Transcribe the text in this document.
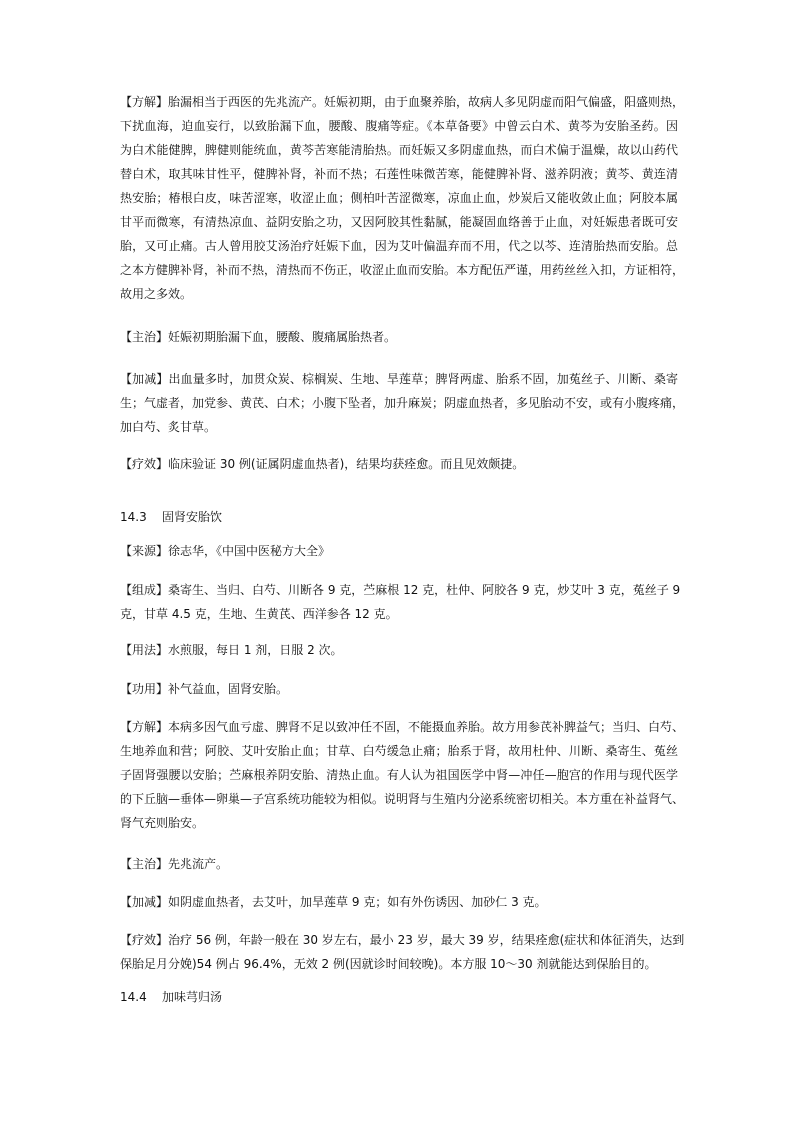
【方解】胎漏相当于西医的先兆流产。妊娠初期，由于血聚养胎，故病人多见阴虚而阳气偏盛，阳盛则热，
下扰血海，迫血妄行，以致胎漏下血，腰酸、腹痛等症。《本草备要》中曾云白术、黄芩为安胎圣药。因
为白术能健脾，脾健则能统血，黄芩苦寒能清胎热。而妊娠又多阴虚血热，而白术偏于温燥，故以山药代
替白术，取其味甘性平，健脾补肾，补而不热；石莲性味微苦寒，能健脾补肾、滋养阴液；黄芩、黄连清
热安胎；椿根白皮，味苦涩寒，收涩止血；侧柏叶苦涩微寒，凉血止血，炒炭后又能收敛止血；阿胶本属
甘平而微寒，有清热凉血、益阴安胎之功，又因阿胶其性黏腻，能凝固血络善于止血，对妊娠患者既可安
胎，又可止痛。古人曾用胶艾汤治疗妊娠下血，因为艾叶偏温弃而不用，代之以芩、连清胎热而安胎。总
之本方健脾补肾，补而不热，清热而不伤正，收涩止血而安胎。本方配伍严谨，用药丝丝入扣，方证相符，
故用之多效。
【主治】妊娠初期胎漏下血，腰酸、腹痛属胎热者。
【加减】出血量多时，加贯众炭、棕榈炭、生地、旱莲草；脾肾两虚、胎系不固，加菟丝子、川断、桑寄
生；气虚者，加党参、黄芪、白术；小腹下坠者，加升麻炭；阴虚血热者，多见胎动不安，或有小腹疼痛，
加白芍、炙甘草。
【疗效】临床验证 30 例(证属阴虚血热者)，结果均获痊愈。而且见效颇捷。
14.3    固肾安胎饮
【来源】徐志华，《中国中医秘方大全》
【组成】桑寄生、当归、白芍、川断各 9 克，苎麻根 12 克，杜仲、阿胶各 9 克，炒艾叶 3 克，菟丝子 9
克，甘草 4.5 克，生地、生黄芪、西洋参各 12 克。
【用法】水煎服，每日 1 剂，日服 2 次。
【功用】补气益血，固肾安胎。
【方解】本病多因气血亏虚、脾肾不足以致冲任不固，不能摄血养胎。故方用参芪补脾益气；当归、白芍、
生地养血和营；阿胶、艾叶安胎止血；甘草、白芍缓急止痛；胎系于肾，故用杜仲、川断、桑寄生、菟丝
子固肾强腰以安胎；苎麻根养阴安胎、清热止血。有人认为祖国医学中肾—冲任—胞宫的作用与现代医学
的下丘脑—垂体—卵巢—子宫系统功能较为相似。说明肾与生殖内分泌系统密切相关。本方重在补益肾气、
肾气充则胎安。
【主治】先兆流产。
【加减】如阴虚血热者，去艾叶，加旱莲草 9 克；如有外伤诱因、加砂仁 3 克。
【疗效】治疗 56 例，年龄一般在 30 岁左右，最小 23 岁，最大 39 岁，结果痊愈(症状和体征消失，达到
保胎足月分娩)54 例占 96.4%，无效 2 例(因就诊时间较晚)。本方服 10～30 剂就能达到保胎目的。
14.4    加味芎归汤
